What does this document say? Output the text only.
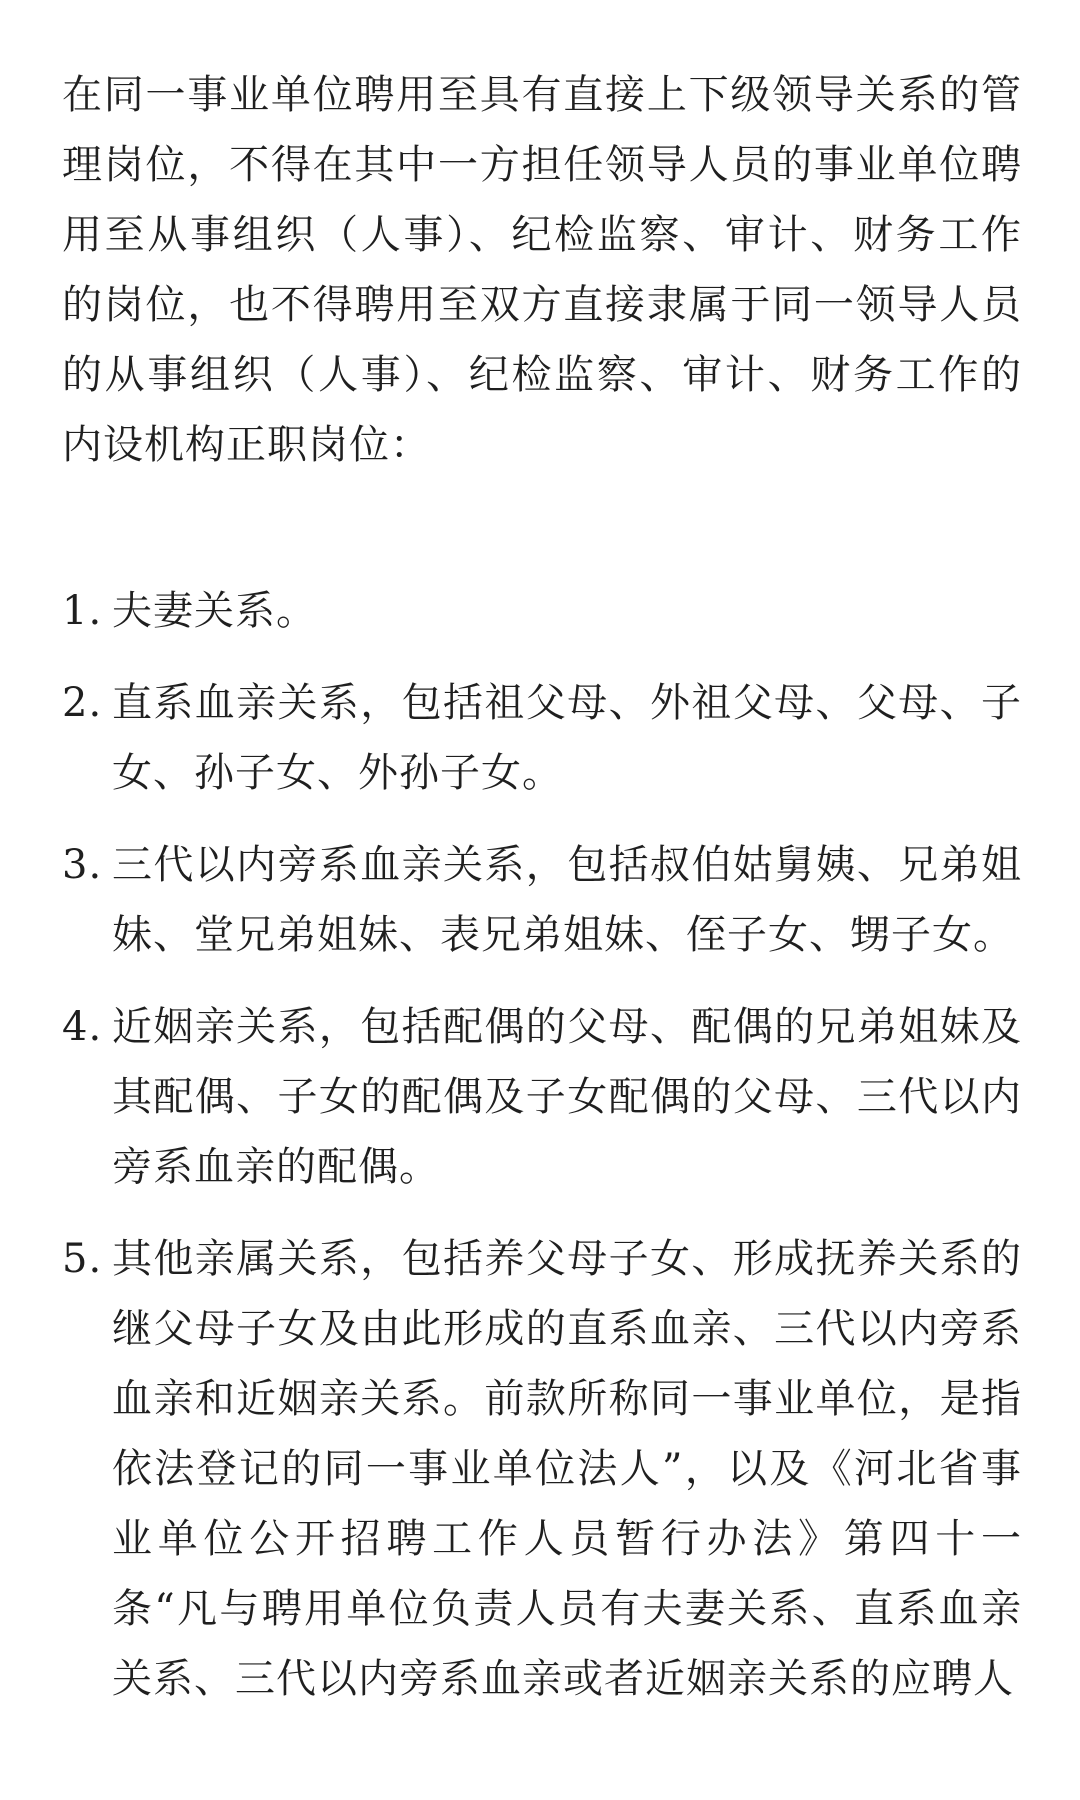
在同一事业单位聘用至具有直接上下级领导关系的管理岗位，不得在其中一方担任领导人员的事业单位聘用至从事组织（人事）、纪检监察、审计、财务工作的岗位，也不得聘用至双方直接隶属于同一领导人员的从事组织（人事）、纪检监察、审计、财务工作的内设机构正职岗位：

1. 夫妻关系。
2. 直系血亲关系，包括祖父母、外祖父母、父母、子女、孙子女、外孙子女。
3. 三代以内旁系血亲关系，包括叔伯姑舅姨、兄弟姐妹、堂兄弟姐妹、表兄弟姐妹、侄子女、甥子女。
4. 近姻亲关系，包括配偶的父母、配偶的兄弟姐妹及其配偶、子女的配偶及子女配偶的父母、三代以内旁系血亲的配偶。
5. 其他亲属关系，包括养父母子女、形成抚养关系的继父母子女及由此形成的直系血亲、三代以内旁系血亲和近姻亲关系。前款所称同一事业单位，是指依法登记的同一事业单位法人”，以及《河北省事业单位公开招聘工作人员暂行办法》第四十一条“凡与聘用单位负责人员有夫妻关系、直系血亲关系、三代以内旁系血亲或者近姻亲关系的应聘人
